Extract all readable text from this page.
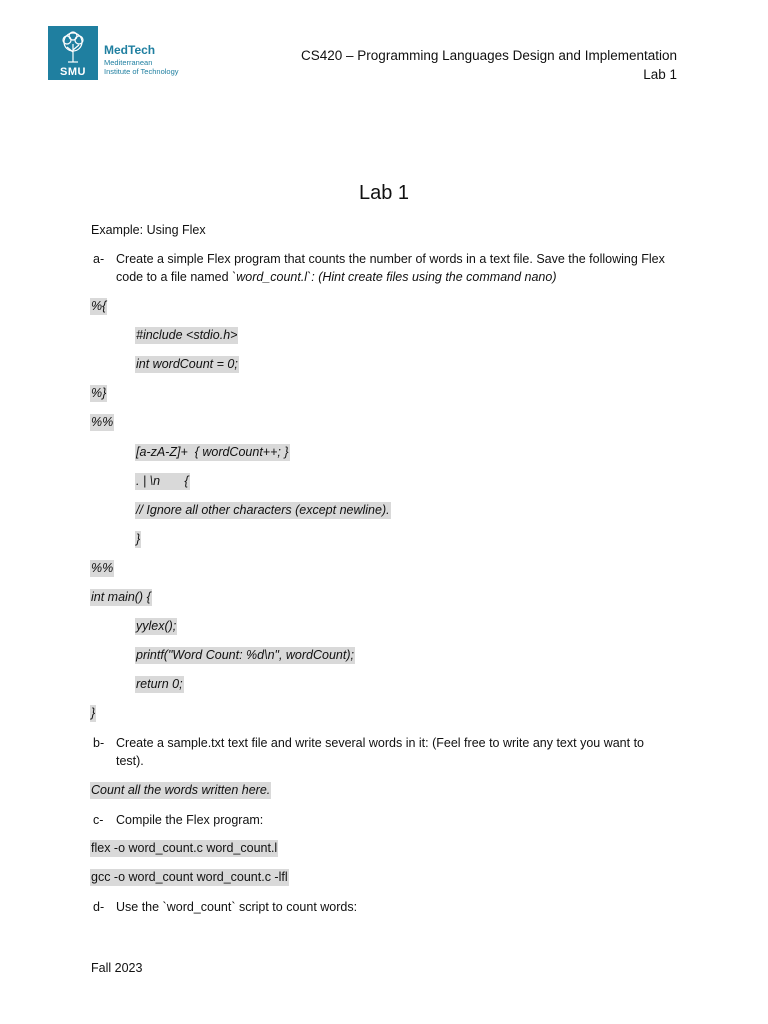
SMU
MedTech
Mediterranean
Institute of Technology
CS420 – Programming Languages Design and Implementation
Lab 1
Lab 1
Example: Using Flex
a- Create a simple Flex program that counts the number of words in a text file. Save the following Flex
code to a file named `word_count.l`: (Hint create files using the command nano)
%{
#include <stdio.h>
int wordCount = 0;
%}
%%
[a-zA-Z]+  { wordCount++; }
. | \n       {
// Ignore all other characters (except newline).
}
%%
int main() {
yylex();
printf("Word Count: %d\n", wordCount);
return 0;
}
b- Create a sample.txt text file and write several words in it: (Feel free to write any text you want to
test).
Count all the words written here.
c- Compile the Flex program:
flex -o word_count.c word_count.l
gcc -o word_count word_count.c -lfl
d- Use the `word_count` script to count words:
Fall 2023
